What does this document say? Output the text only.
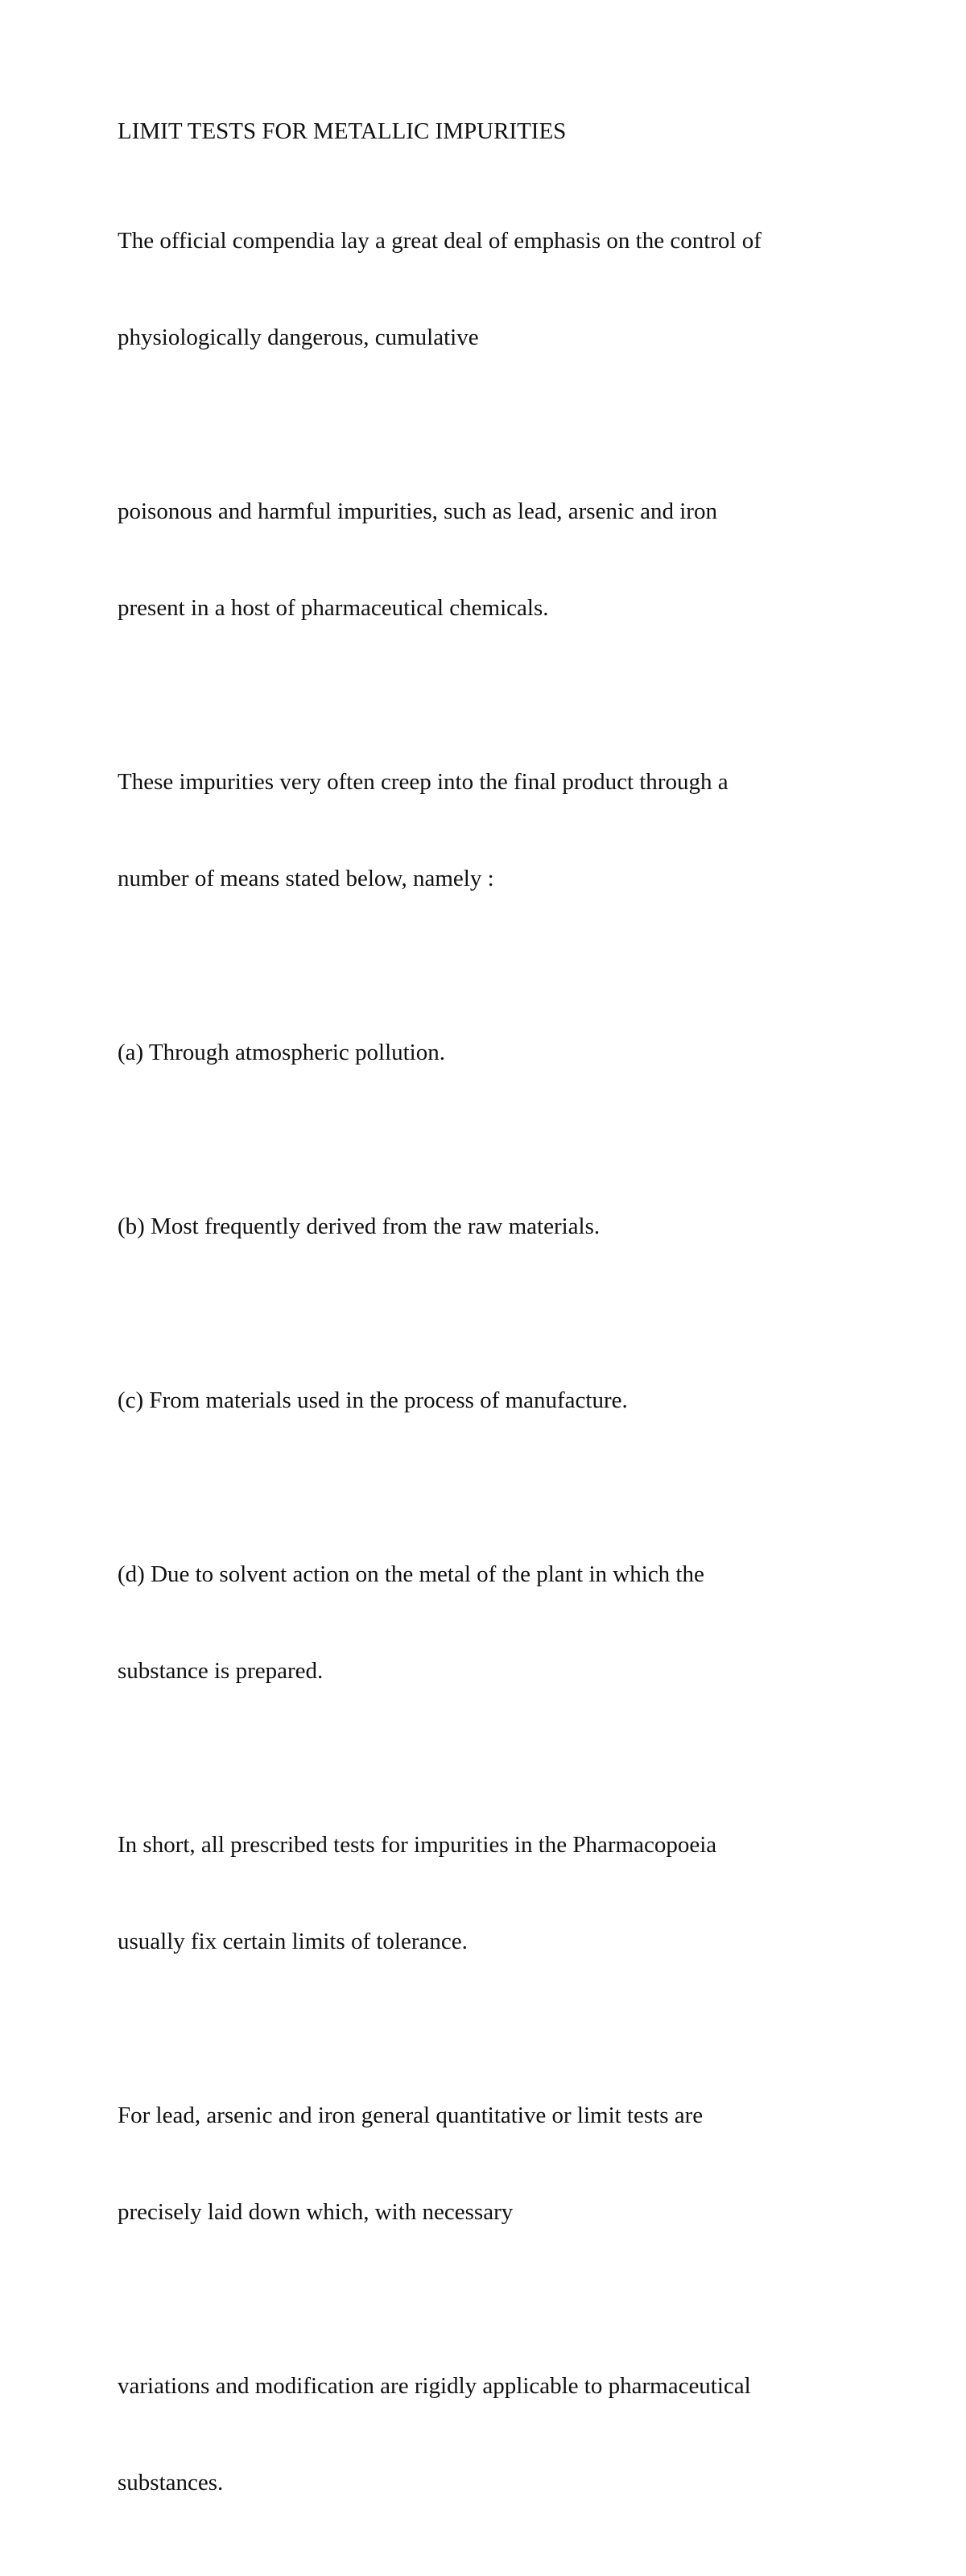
LIMIT TESTS FOR METALLIC IMPURITIES

The official compendia lay a great deal of emphasis on the control of

physiologically dangerous, cumulative

poisonous and harmful impurities, such as lead, arsenic and iron

present in a host of pharmaceutical chemicals.

These impurities very often creep into the final product through a

number of means stated below, namely :

(a) Through atmospheric pollution.

(b) Most frequently derived from the raw materials.

(c) From materials used in the process of manufacture.

(d) Due to solvent action on the metal of the plant in which the

substance is prepared.

In short, all prescribed tests for impurities in the Pharmacopoeia

usually fix certain limits of tolerance.

For lead, arsenic and iron general quantitative or limit tests are

precisely laid down which, with necessary

variations and modification are rigidly applicable to pharmaceutical

substances.
